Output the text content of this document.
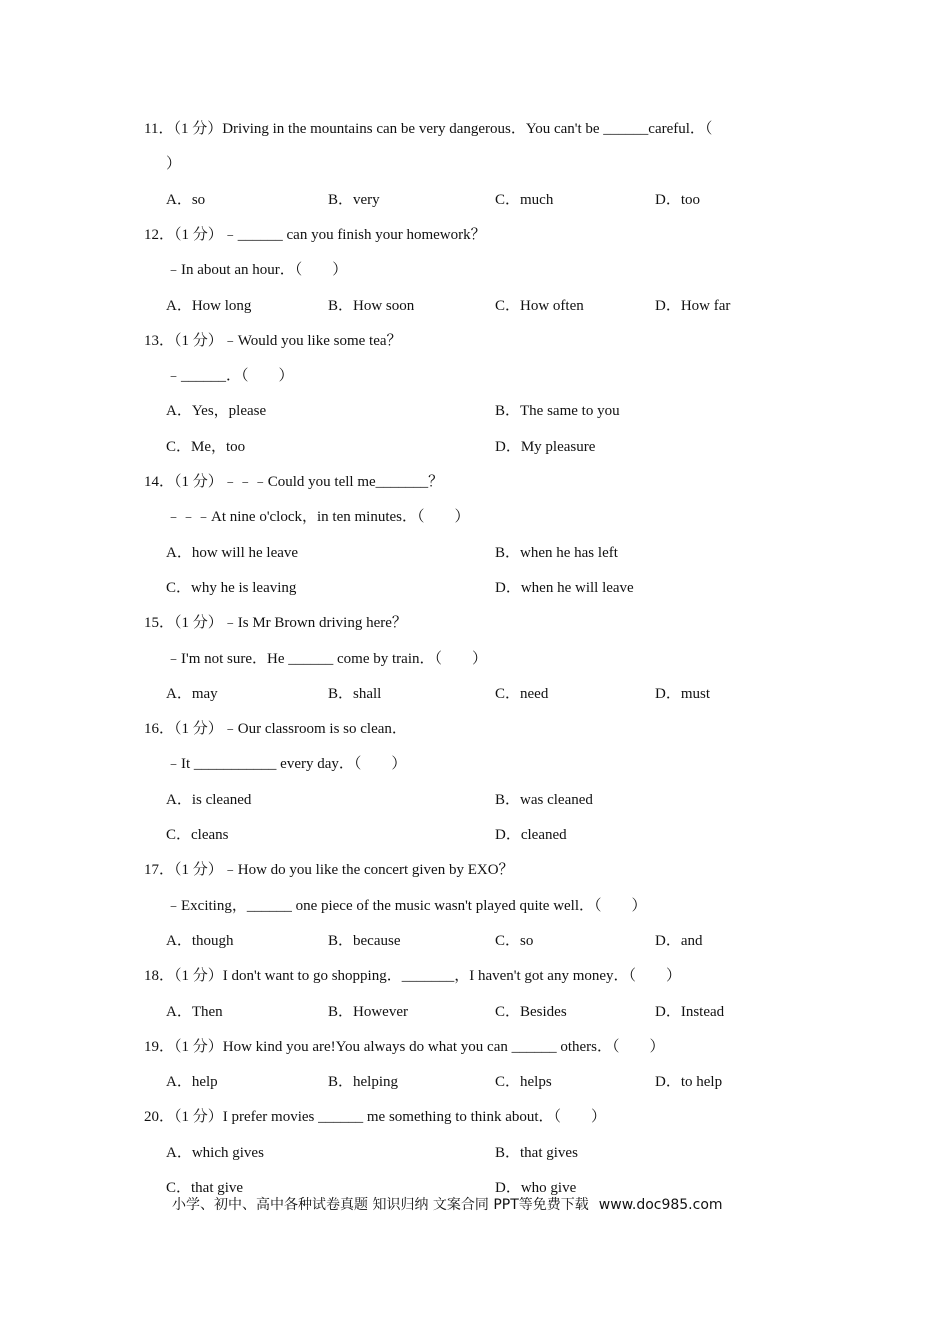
11．（1 分）Driving in the mountains can be very dangerous．You can't be ______careful．（
）
A．so	B．very	C．much	D．too
12．（1 分）﹣______ can you finish your homework？
﹣In about an hour．（　　）
A．How long	B．How soon	C．How often	D．How far
13．（1 分）﹣Would you like some tea？
﹣______．（　　）
A．Yes，please	B．The same to you
C．Me，too	D．My pleasure
14．（1 分）﹣﹣﹣Could you tell me_______？
﹣﹣﹣At nine o'clock，in ten minutes．（　　）
A．how will he leave	B．when he has left
C．why he is leaving	D．when he will leave
15．（1 分）﹣Is Mr Brown driving here？
﹣I'm not sure．He ______ come by train．（　　）
A．may	B．shall	C．need	D．must
16．（1 分）﹣Our classroom is so clean．
﹣It ___________ every day．（　　）
A．is cleaned	B．was cleaned
C．cleans	D．cleaned
17．（1 分）﹣How do you like the concert given by EXO？
﹣Exciting，______ one piece of the music wasn't played quite well．（　　）
A．though	B．because	C．so	D．and
18．（1 分）I don't want to go shopping．_______，I haven't got any money．（　　）
A．Then	B．However	C．Besides	D．Instead
19．（1 分）How kind you are!You always do what you can ______ others．（　　）
A．help	B．helping	C．helps	D．to help
20．（1 分）I prefer movies ______ me something to think about．（　　）
A．which gives	B．that gives
C．that give	D．who give
小学、初中、高中各种试卷真题 知识归纳 文案合同 PPT等免费下载 www.doc985.com
